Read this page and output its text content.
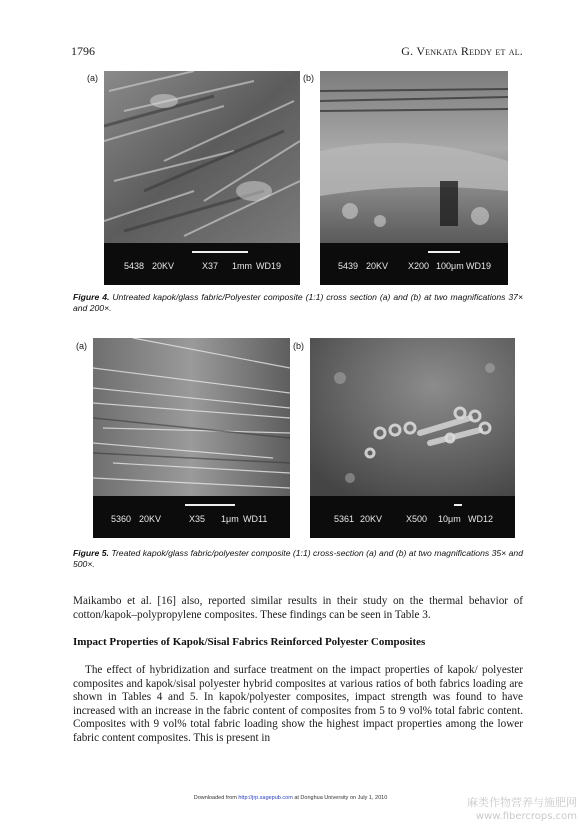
1796	G. Venkata Reddy et al.
(a)
5438 20KV	X37 1mm WD19
(b)
5439 20KV X200 100μm WD19
Figure 4. Untreated kapok/glass fabric/Polyester composite (1:1) cross section (a) and (b) at two magnifications 37× and 200×.
(a)
5360 20KV	X35 1μm WD11
(b)
5361 20KV	X500 10μm WD12
Figure 5. Treated kapok/glass fabric/polyester composite (1:1) cross-section (a) and (b) at two magnifications 35× and 500×.
Maikambo et al. [16] also, reported similar results in their study on the thermal behavior of cotton/kapok–polypropylene composites. These findings can be seen in Table 3.
Impact Properties of Kapok/Sisal Fabrics Reinforced Polyester Composites
The effect of hybridization and surface treatment on the impact properties of kapok/ polyester composites and kapok/sisal polyester hybrid composites at various ratios of both fabrics loading are shown in Tables 4 and 5. In kapok/polyester composites, impact strength was found to have increased with an increase in the fabric content of composites from 5 to 9 vol% total fabric content. Composites with 9 vol% total fabric loading show the highest impact properties among the lower fabric content composites. This is present in
Downloaded from http://jrp.sagepub.com at Donghua University on July 1, 2010	麻类作物营养与施肥网
www.fibercrops.com
